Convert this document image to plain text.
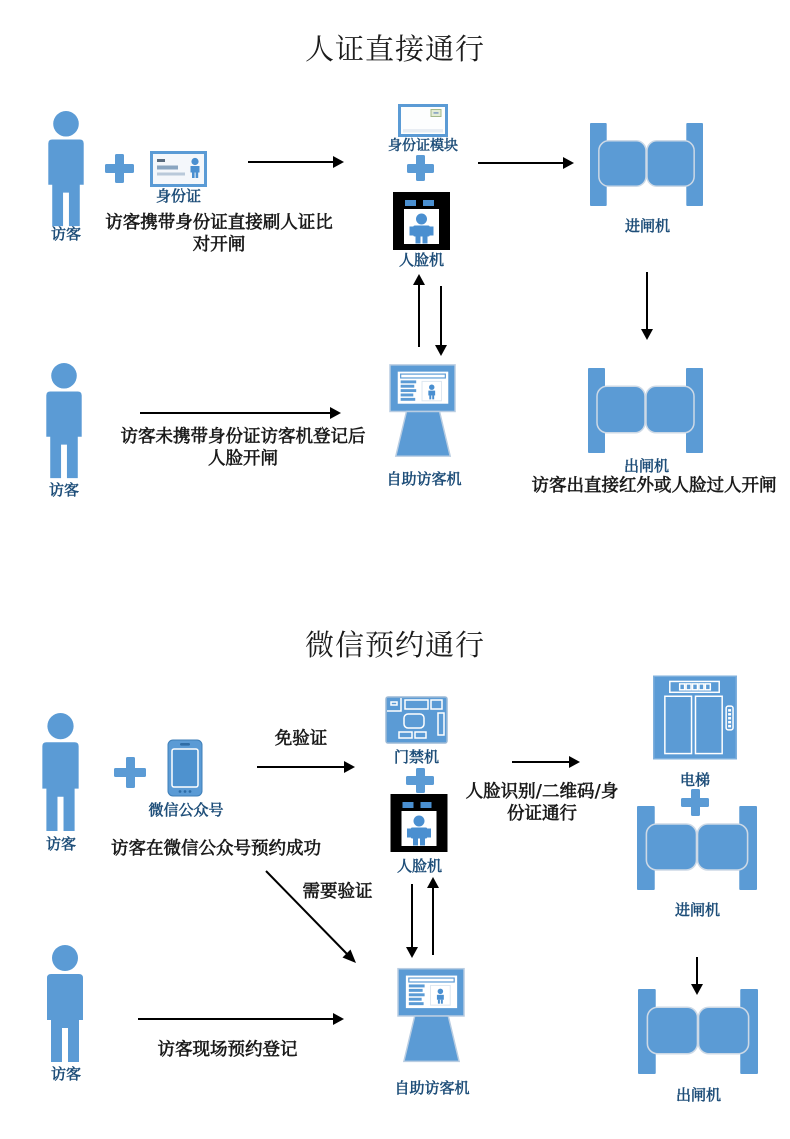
人证直接通行
访客
身份证
访客携带身份证直接刷人证比对开闸
身份证模块
人脸机
进闸机
访客
访客未携带身份证访客机登记后人脸开闸
自助访客机
出闸机
访客出直接红外或人脸过人开闸
微信预约通行
访客
微信公众号
访客在微信公众号预约成功
免验证
门禁机
人脸机
人脸识别/二维码/身份证通行
电梯
进闸机
需要验证
自助访客机
访客
访客现场预约登记
出闸机
